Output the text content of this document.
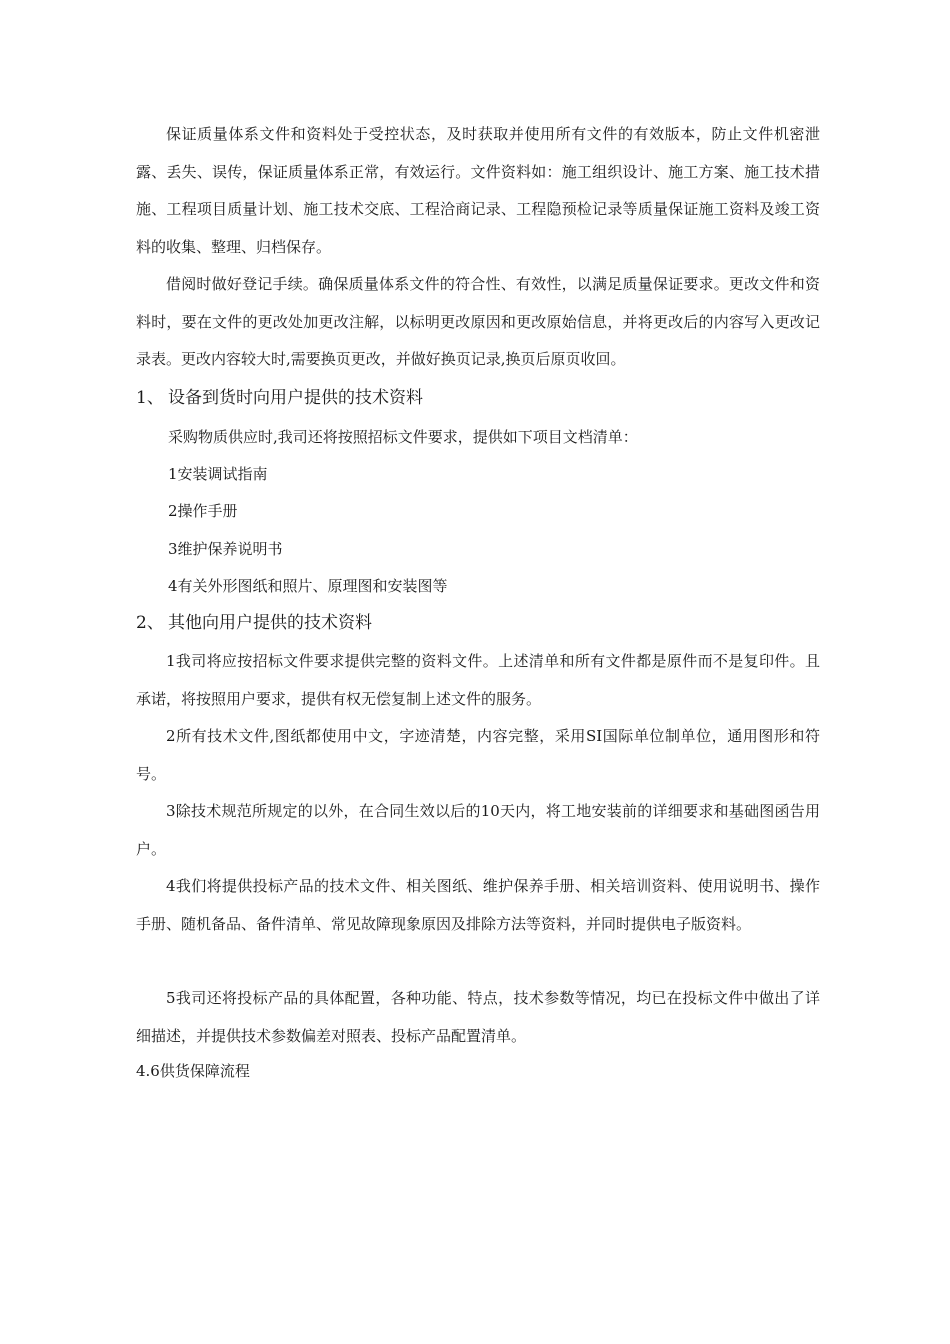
保证质量体系文件和资料处于受控状态，及时获取并使用所有文件的有效版本，防止文件机密泄露、丢失、误传，保证质量体系正常，有效运行。文件资料如：施工组织设计、施工方案、施工技术措施、工程项目质量计划、施工技术交底、工程洽商记录、工程隐预检记录等质量保证施工资料及竣工资料的收集、整理、归档保存。

借阅时做好登记手续。确保质量体系文件的符合性、有效性，以满足质量保证要求。更改文件和资料时，要在文件的更改处加更改注解，以标明更改原因和更改原始信息，并将更改后的内容写入更改记录表。更改内容较大时,需要换页更改，并做好换页记录,换页后原页收回。

1、 设备到货时向用户提供的技术资料

采购物质供应时,我司还将按照招标文件要求，提供如下项目文档清单：

1安装调试指南

2操作手册

3维护保养说明书

4有关外形图纸和照片、原理图和安装图等

2、 其他向用户提供的技术资料

1我司将应按招标文件要求提供完整的资料文件。上述清单和所有文件都是原件而不是复印件。且承诺，将按照用户要求，提供有权无偿复制上述文件的服务。

2所有技术文件,图纸都使用中文，字迹清楚，内容完整，采用SI国际单位制单位，通用图形和符号。

3除技术规范所规定的以外，在合同生效以后的10天内，将工地安装前的详细要求和基础图函告用户。

4我们将提供投标产品的技术文件、相关图纸、维护保养手册、相关培训资料、使用说明书、操作手册、随机备品、备件清单、常见故障现象原因及排除方法等资料，并同时提供电子版资料。

5我司还将投标产品的具体配置，各种功能、特点，技术参数等情况，均已在投标文件中做出了详细描述，并提供技术参数偏差对照表、投标产品配置清单。

4.6供货保障流程
